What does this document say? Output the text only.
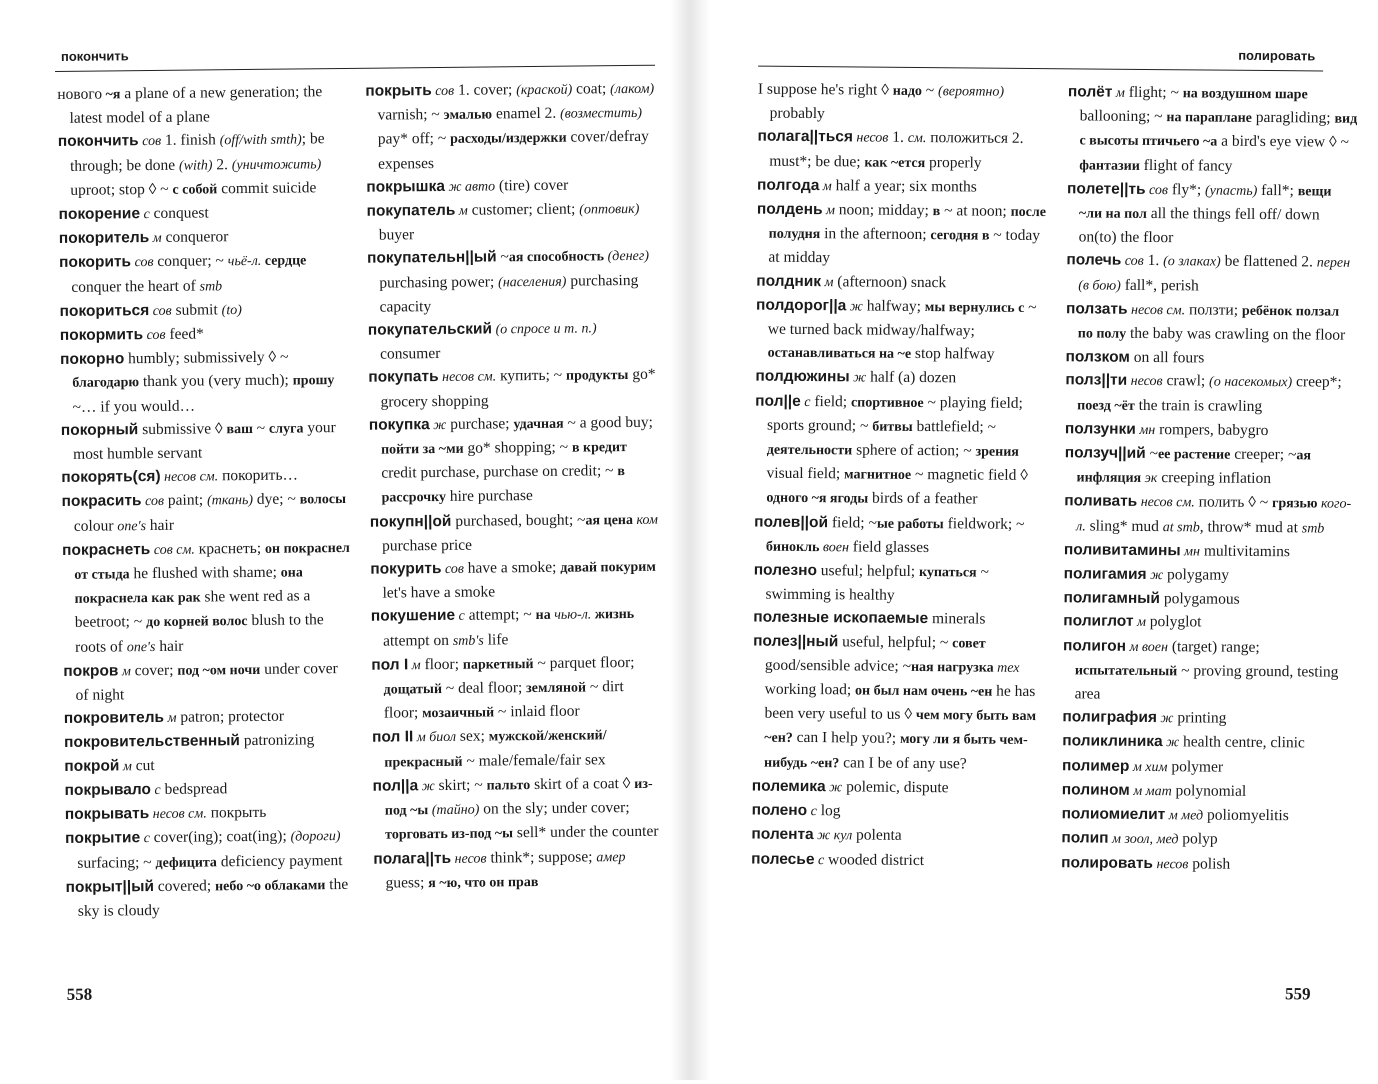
покончить
нового ~я a plane of a new generation; the latest model of a plane
покончить сов 1. finish (off/with smth); be through; be done (with) 2. (уничтожить) uproot; stop ◊ ~ с собой commit suicide
покорение с conquest
покоритель м conqueror
покорить сов conquer; ~ чьё-л. сердце conquer the heart of smb
покориться сов submit (to)
покормить сов feed*
покорно humbly; submissively ◊ ~ благодарю thank you (very much); прошу ~… if you would…
покорный submissive ◊ ваш ~ слуга your most humble servant
покорять(ся) несов см. покорить…
покрасить сов paint; (ткань) dye; ~ волосы colour one's hair
покраснеть сов см. краснеть; он покраснел от стыда he flushed with shame; она покраснела как рак she went red as a beetroot; ~ до корней волос blush to the roots of one's hair
покров м cover; под ~ом ночи under cover of night
покровитель м patron; protector
покровительственный patronizing
покрой м cut
покрывало с bedspread
покрывать несов см. покрыть
покрытие с cover(ing); coat(ing); (дороги) surfacing; ~ дефицита deficiency payment
покрыт||ый covered; небо ~о облаками the sky is cloudy
покрыть сов 1. cover; (краской) coat; (лаком) varnish; ~ эмалью enamel 2. (возместить) pay* off; ~ расходы/издержки cover/defray expenses
покрышка ж авто (tire) cover
покупатель м customer; client; (оптовик) buyer
покупательн||ый ~ая способность (денег) purchasing power; (населения) purchasing capacity
покупательский (о спросе и т. п.) consumer
покупать несов см. купить; ~ продукты go* grocery shopping
покупка ж purchase; удачная ~ a good buy; пойти за ~ми go* shopping; ~ в кредит credit purchase, purchase on credit; ~ в рассрочку hire purchase
покупн||ой purchased, bought; ~ая цена ком purchase price
покурить сов have a smoke; давай покурим let's have a smoke
покушение с attempt; ~ на чью-л. жизнь attempt on smb's life
пол I м floor; паркетный ~ parquet floor; дощатый ~ deal floor; земляной ~ dirt floor; мозаичный ~ inlaid floor
пол II м биол sex; мужской/женский/прекрасный ~ male/female/fair sex
пол||а ж skirt; ~ пальто skirt of a coat ◊ из-под ~ы (тайно) on the sly; under cover; торговать из-под ~ы sell* under the counter
полага||ть несов think*; suppose; амер guess; я ~ю, что он прав
558
полировать
I suppose he's right ◊ надо ~ (вероятно) probably
полага||ться несов 1. см. положиться 2. must*; be due; как ~ется properly
полгода м half a year; six months
полдень м noon; midday; в ~ at noon; после полудня in the afternoon; сегодня в ~ today at midday
полдник м (afternoon) snack
полдорог||а ж halfway; мы вернулись с ~ we turned back midway/halfway; останавливаться на ~е stop halfway
полдюжины ж half (a) dozen
пол||е с field; спортивное ~ playing field; sports ground; ~ битвы battlefield; ~ деятельности sphere of action; ~ зрения visual field; магнитное ~ magnetic field ◊ одного ~я ягоды birds of a feather
полев||ой field; ~ые работы fieldwork; ~ бинокль воен field glasses
полезно useful; helpful; купаться ~ swimming is healthy
полезные ископаемые minerals
полез||ный useful, helpful; ~ совет good/sensible advice; ~ная нагрузка тех working load; он был нам очень ~ен he has been very useful to us ◊ чем могу быть вам ~ен? can I help you?; могу ли я быть чем-нибудь ~ен? can I be of any use?
полемика ж polemic, dispute
полено с log
полента ж кул polenta
полесье с wooded district
полёт м flight; ~ на воздушном шаре ballooning; ~ на параплане paragliding; вид с высоты птичьего ~а a bird's eye view ◊ ~ фантазии flight of fancy
полете||ть сов fly*; (упасть) fall*; вещи ~ли на пол all the things fell off/ down on(to) the floor
полечь сов 1. (о злаках) be flattened 2. перен (в бою) fall*, perish
ползать несов см. ползти; ребёнок ползал по полу the baby was crawling on the floor
ползком on all fours
полз||ти несов crawl; (о насекомых) creep*; поезд ~ёт the train is crawling
ползунки мн rompers, babygro
ползуч||ий ~ее растение creeper; ~ая инфляция эк creeping inflation
поливать несов см. полить ◊ ~ грязью кого-л. sling* mud at smb, throw* mud at smb
поливитамины мн multivitamins
полигамия ж polygamy
полигамный polygamous
полиглот м polyglot
полигон м воен (target) range; испытательный ~ proving ground, testing area
полиграфия ж printing
поликлиника ж health centre, clinic
полимер м хим polymer
полином м мат polynomial
полиомиелит м мед poliomyelitis
полип м зоол, мед polyp
полировать несов polish
559
